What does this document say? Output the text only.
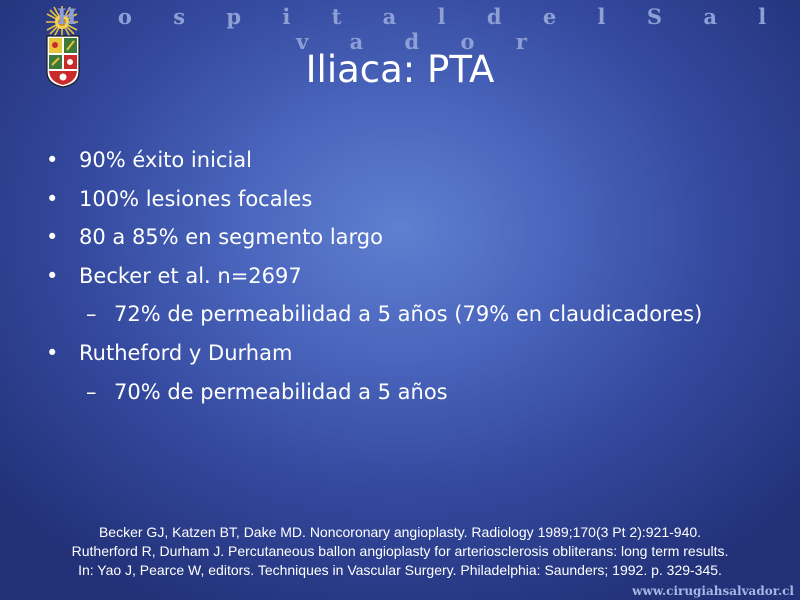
H o s p i t a l d e l S a l v a d o r
Iliaca: PTA
• 90% éxito inicial
• 100% lesiones focales
• 80 a 85% en segmento largo
• Becker et al. n=2697
– 72% de permeabilidad a 5 años (79% en claudicadores)
• Rutheford y Durham
– 70% de permeabilidad a 5 años
Becker GJ, Katzen BT, Dake MD. Noncoronary angioplasty. Radiology 1989;170(3 Pt 2):921-940.
Rutherford R, Durham J. Percutaneous ballon angioplasty for arteriosclerosis obliterans: long term results.
In: Yao J, Pearce W, editors. Techniques in Vascular Surgery. Philadelphia: Saunders; 1992. p. 329-345.
www.cirugiahsalvador.cl
